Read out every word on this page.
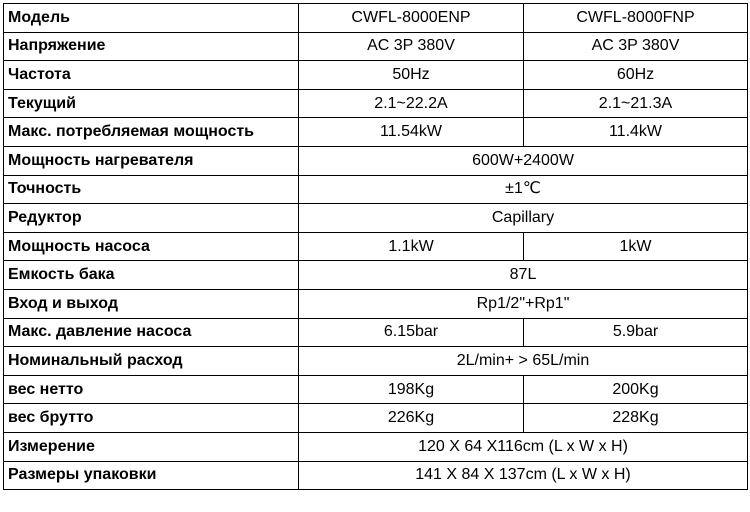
Модель	CWFL-8000ENP	CWFL-8000FNP
Напряжение	AC 3P 380V	AC 3P 380V
Частота	50Hz	60Hz
Текущий	2.1~22.2A	2.1~21.3A
Макс. потребляемая мощность	11.54kW	11.4kW
Мощность нагревателя	600W+2400W	
Точность	±1℃	
Редуктор	Capillary	
Мощность насоса	1.1kW	1kW
Емкость бака	87L	
Вход и выход	Rp1/2"+Rp1"	
Макс. давление насоса	6.15bar	5.9bar
Номинальный расход	2L/min+ > 65L/min	
вес нетто	198Kg	200Kg
вес брутто	226Kg	228Kg
Измерение	120 X 64 X116cm (L x W x H)	
Размеры упаковки	141 X 84 X 137cm (L x W x H)	
